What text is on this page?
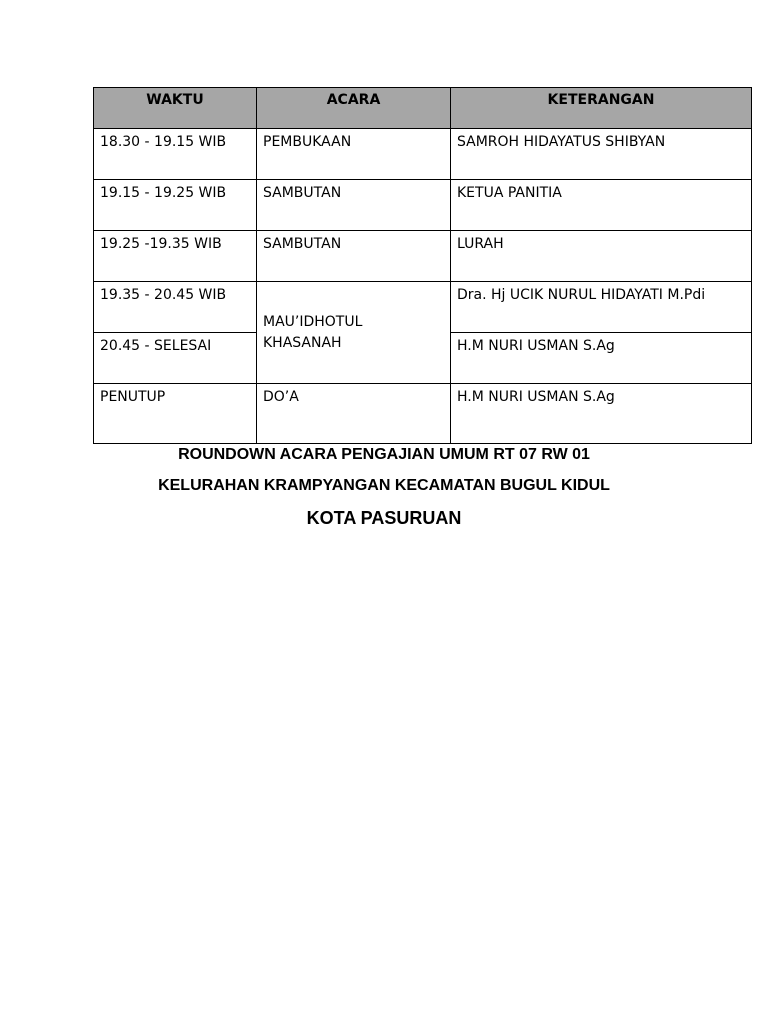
WAKTU	ACARA	KETERANGAN
18.30 - 19.15 WIB	PEMBUKAAN	SAMROH HIDAYATUS SHIBYAN
19.15 - 19.25 WIB	SAMBUTAN	KETUA PANITIA
19.25 -19.35 WIB	SAMBUTAN	LURAH
19.35 - 20.45 WIB	MAU’IDHOTUL KHASANAH	Dra. Hj UCIK NURUL HIDAYATI M.Pdi
20.45 - SELESAI		H.M NURI USMAN S.Ag
PENUTUP	DO’A	H.M NURI USMAN S.Ag

ROUNDOWN ACARA PENGAJIAN UMUM RT 07 RW 01

KELURAHAN KRAMPYANGAN KECAMATAN BUGUL KIDUL

KOTA PASURUAN
